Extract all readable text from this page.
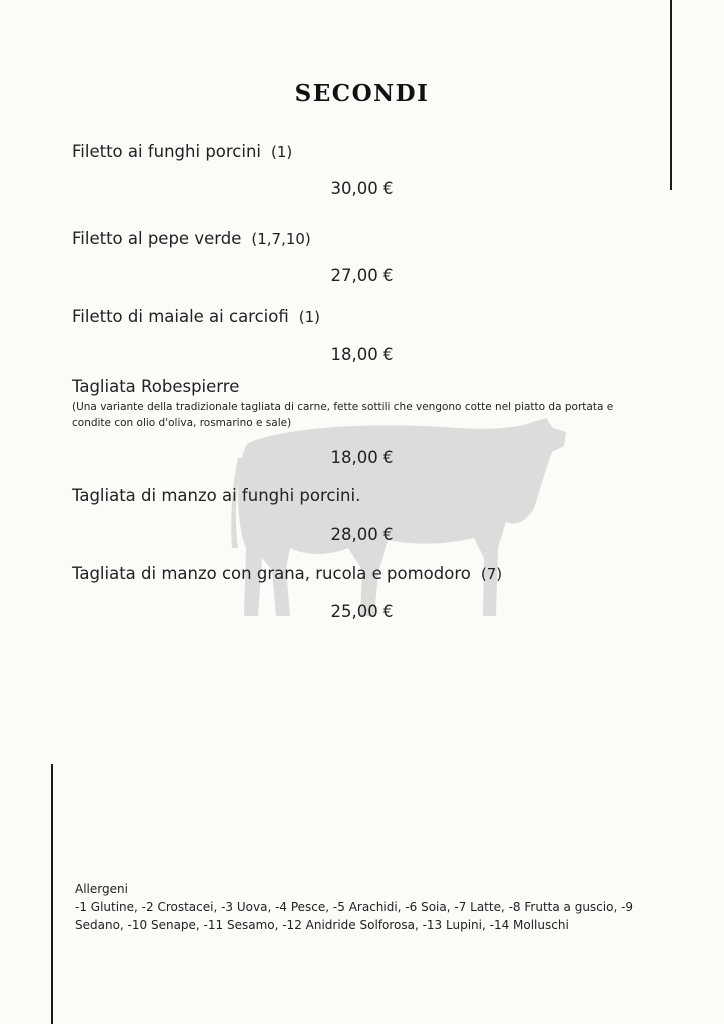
SECONDI
Filetto ai funghi porcini (1)
30,00 €
Filetto al pepe verde (1,7,10)
27,00 €
Filetto di maiale ai carciofi (1)
18,00 €
Tagliata Robespierre
(Una variante della tradizionale tagliata di carne, fette sottili che vengono cotte nel piatto da portata e condite con olio d'oliva, rosmarino e sale)
18,00 €
Tagliata di manzo ai funghi porcini.
28,00 €
Tagliata di manzo con grana, rucola e pomodoro (7)
25,00 €
Allergeni
-1 Glutine, -2 Crostacei, -3 Uova, -4 Pesce, -5 Arachidi, -6 Soia, -7 Latte, -8 Frutta a guscio, -9 Sedano, -10 Senape, -11 Sesamo, -12 Anidride Solforosa, -13 Lupini, -14 Molluschi
